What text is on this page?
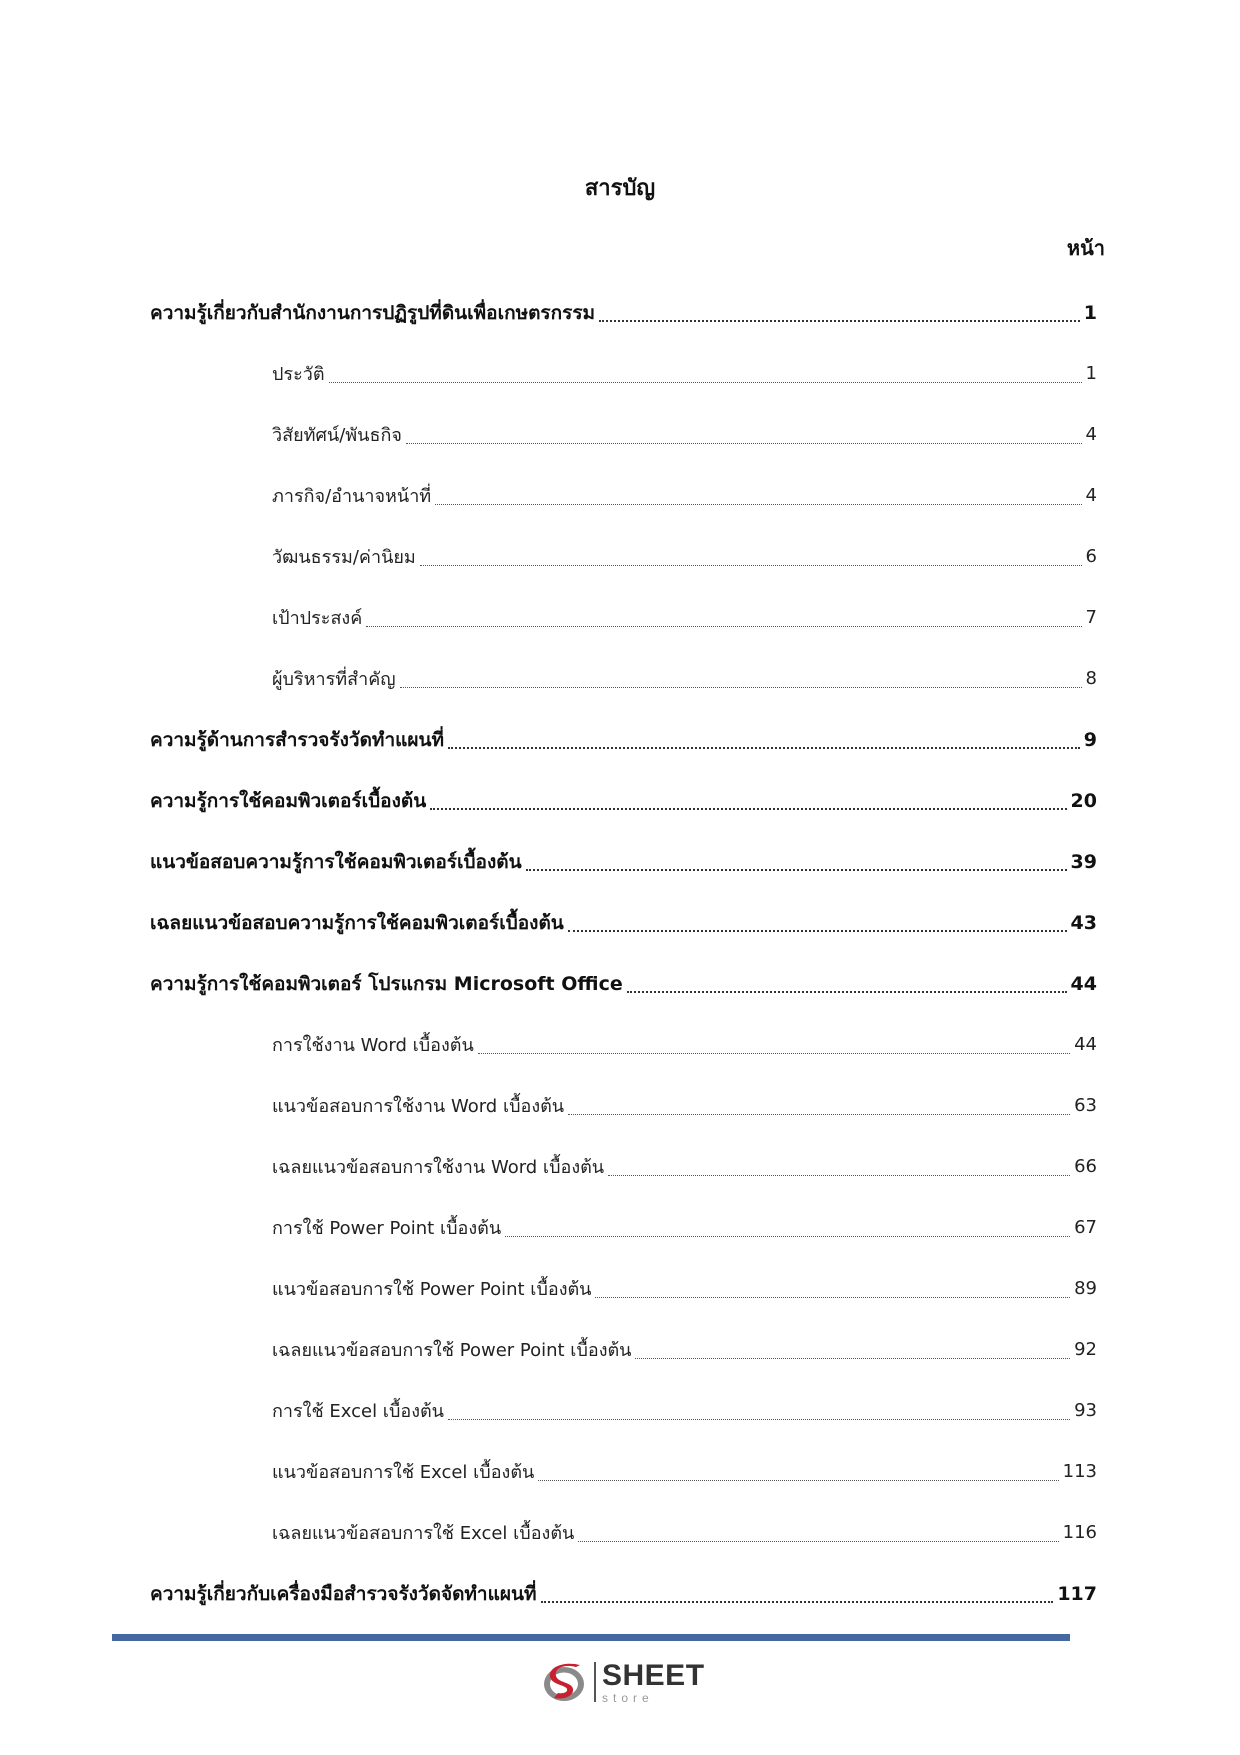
สารบัญ
หน้า
ความรู้เกี่ยวกับสำนักงานการปฏิรูปที่ดินเพื่อเกษตรกรรม	1
ประวัติ	1
วิสัยทัศน์/พันธกิจ	4
ภารกิจ/อำนาจหน้าที่	4
วัฒนธรรม/ค่านิยม	6
เป้าประสงค์	7
ผู้บริหารที่สำคัญ	8
ความรู้ด้านการสำรวจรังวัดทำแผนที่	9
ความรู้การใช้คอมพิวเตอร์เบื้องต้น	20
แนวข้อสอบความรู้การใช้คอมพิวเตอร์เบื้องต้น	39
เฉลยแนวข้อสอบความรู้การใช้คอมพิวเตอร์เบื้องต้น	43
ความรู้การใช้คอมพิวเตอร์ โปรแกรม Microsoft Office	44
การใช้งาน Word เบื้องต้น	44
แนวข้อสอบการใช้งาน Word เบื้องต้น	63
เฉลยแนวข้อสอบการใช้งาน Word เบื้องต้น	66
การใช้ Power Point เบื้องต้น	67
แนวข้อสอบการใช้ Power Point เบื้องต้น	89
เฉลยแนวข้อสอบการใช้ Power Point เบื้องต้น	92
การใช้ Excel เบื้องต้น	93
แนวข้อสอบการใช้ Excel เบื้องต้น	113
เฉลยแนวข้อสอบการใช้ Excel เบื้องต้น	116
ความรู้เกี่ยวกับเครื่องมือสำรวจรังวัดจัดทำแผนที่	117
SHEET
store
